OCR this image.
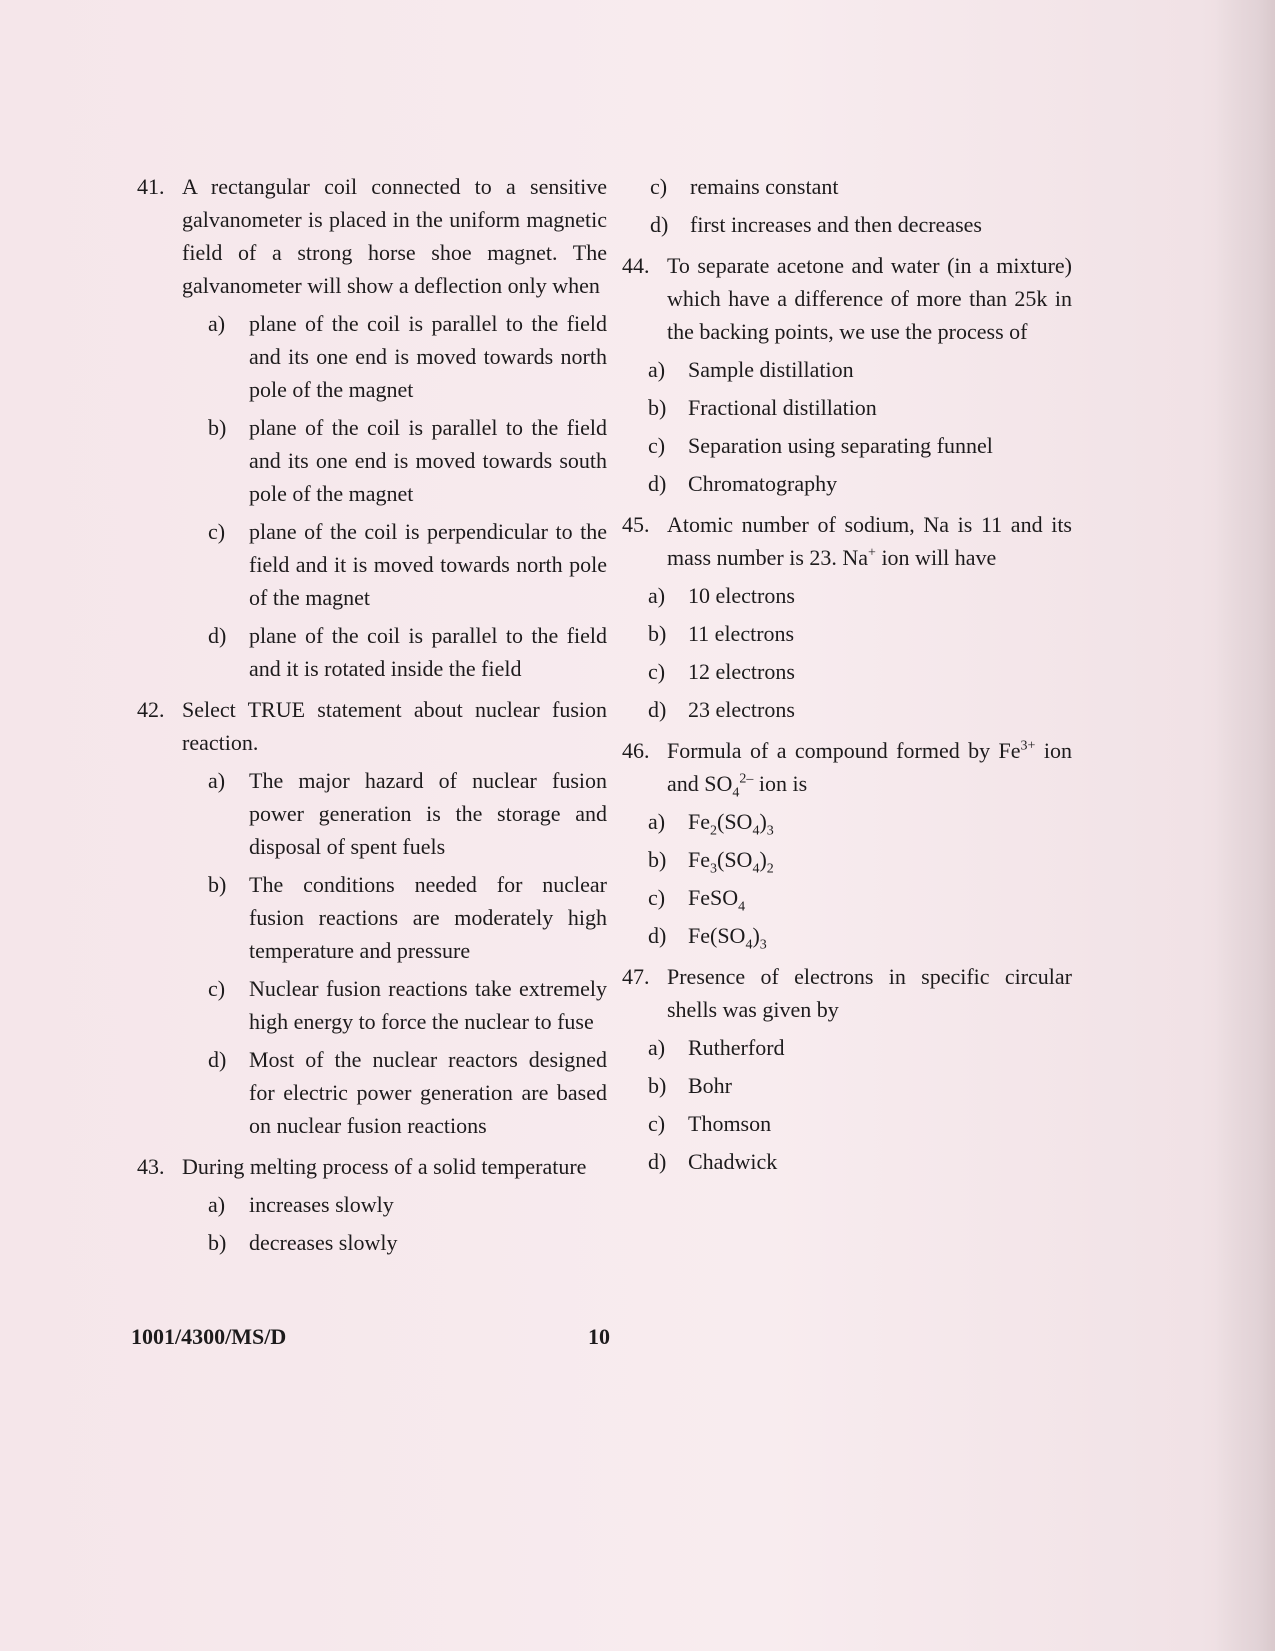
41. A rectangular coil connected to a sensitive galvanometer is placed in the uniform magnetic field of a strong horse shoe magnet. The galvanometer will show a deflection only when
a) plane of the coil is parallel to the field and its one end is moved towards north pole of the magnet
b) plane of the coil is parallel to the field and its one end is moved towards south pole of the magnet
c) plane of the coil is perpendicular to the field and it is moved towards north pole of the magnet
d) plane of the coil is parallel to the field and it is rotated inside the field
42. Select TRUE statement about nuclear fusion reaction.
a) The major hazard of nuclear fusion power generation is the storage and disposal of spent fuels
b) The conditions needed for nuclear fusion reactions are moderately high temperature and pressure
c) Nuclear fusion reactions take extremely high energy to force the nuclear to fuse
d) Most of the nuclear reactors designed for electric power generation are based on nuclear fusion reactions
43. During melting process of a solid temperature
a) increases slowly
b) decreases slowly
c) remains constant
d) first increases and then decreases
44. To separate acetone and water (in a mixture) which have a difference of more than 25k in the backing points, we use the process of
a) Sample distillation
b) Fractional distillation
c) Separation using separating funnel
d) Chromatography
45. Atomic number of sodium, Na is 11 and its mass number is 23. Na+ ion will have
a) 10 electrons
b) 11 electrons
c) 12 electrons
d) 23 electrons
46. Formula of a compound formed by $Fe^{3+}$ ion and $SO_4^{2-}$ ion is
a) $Fe_2(SO_4)_3$
b) $Fe_3(SO_4)_2$
c) FeSO$_4$
d) $Fe(SO_4)_3$
47. Presence of electrons in specific circular shells was given by
a) Rutherford
b) Bohr
c) Thomson
d) Chadwick
1001/4300/MS/D	10
